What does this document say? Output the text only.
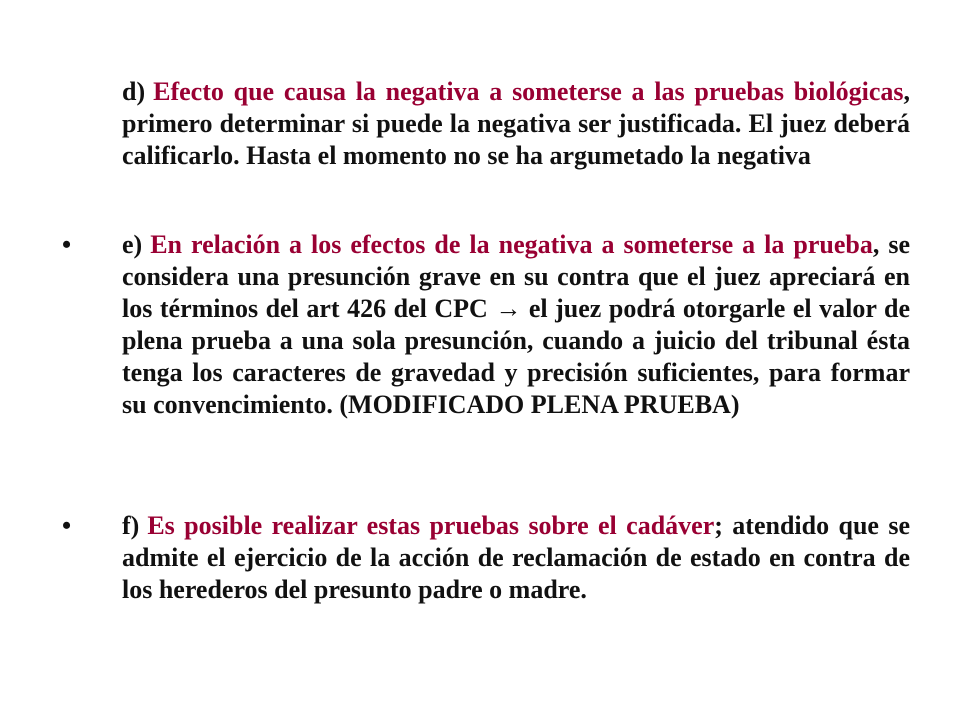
d) Efecto que causa la negativa a someterse a las pruebas biológicas, primero determinar si puede la negativa ser justificada. El juez deberá calificarlo. Hasta el momento no se ha argumetado la negativa
• e) En relación a los efectos de la negativa a someterse a la prueba, se considera una presunción grave en su contra que el juez apreciará en los términos del art 426 del CPC → el juez podrá otorgarle el valor de plena prueba a una sola presunción, cuando a juicio del tribunal ésta tenga los caracteres de gravedad y precisión suficientes, para formar su convencimiento. (MODIFICADO PLENA PRUEBA)
• f) Es posible realizar estas pruebas sobre el cadáver; atendido que se admite el ejercicio de la acción de reclamación de estado en contra de los herederos del presunto padre o madre.
